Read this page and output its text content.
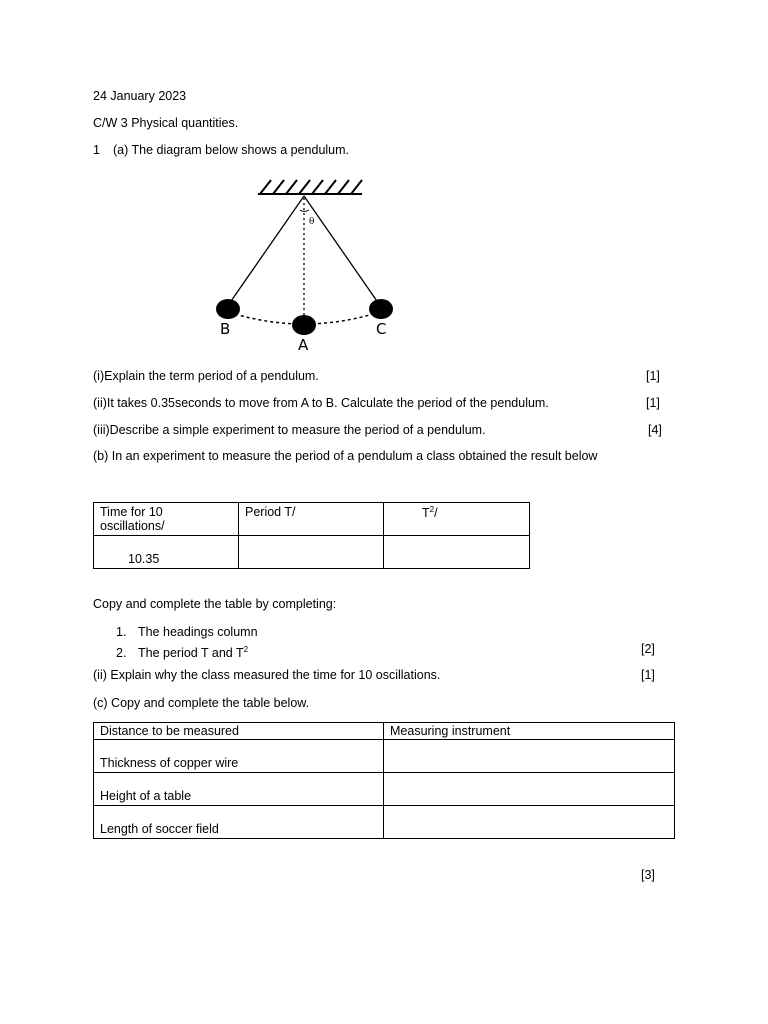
24 January 2023
C/W 3 Physical quantities.
1 (a) The diagram below shows a pendulum.
θ
B
A
C
(i)Explain the term period of a pendulum.	[1]
(ii)It takes 0.35seconds to move from A to B. Calculate the period of the pendulum.	[1]
(iii)Describe a simple experiment to measure the period of a pendulum.	[4]
(b) In an experiment to measure the period of a pendulum a class obtained the result below
Time for 10
oscillations/	Period T/	$T^2/$
10.35		
Copy and complete the table by completing:
1. The headings column
2. The period T and $T^2$	[2]
(ii) Explain why the class measured the time for 10 oscillations.	[1]
(c) Copy and complete the table below.
Distance to be measured	Measuring instrument
Thickness of copper wire	
Height of a table	
Length of soccer field	
[3]
